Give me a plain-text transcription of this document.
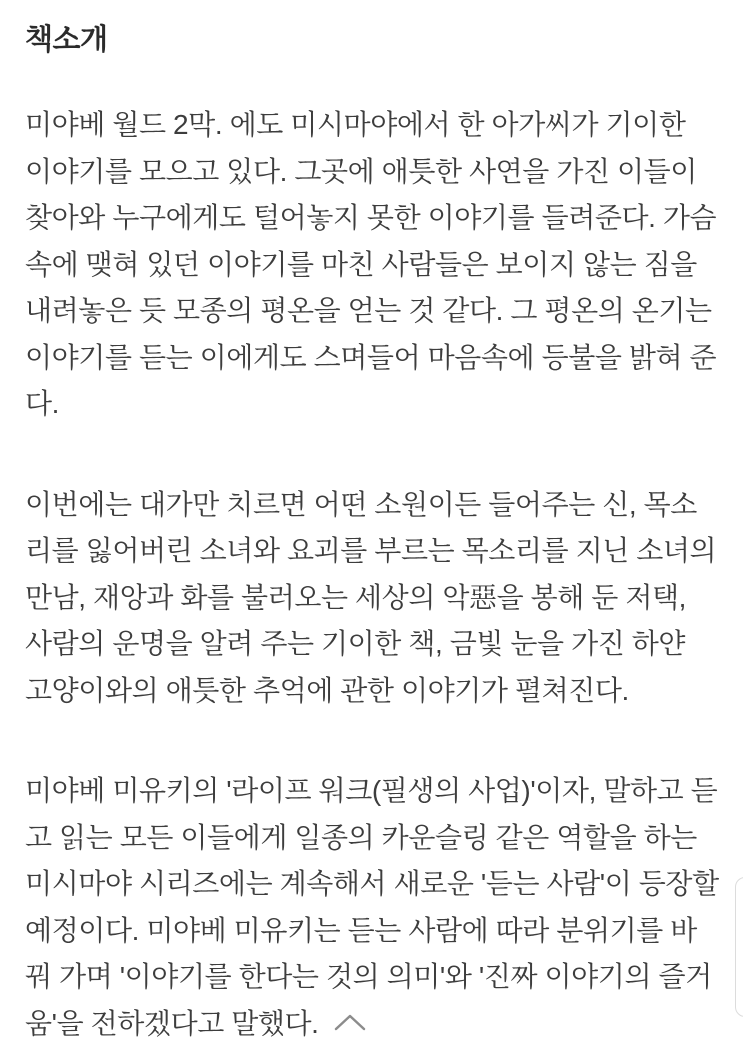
책소개

미야베 월드 2막. 에도 미시마야에서 한 아가씨가 기이한 이야기를 모으고 있다. 그곳에 애틋한 사연을 가진 이들이 찾아와 누구에게도 털어놓지 못한 이야기를 들려준다. 가슴속에 맺혀 있던 이야기를 마친 사람들은 보이지 않는 짐을 내려놓은 듯 모종의 평온을 얻는 것 같다. 그 평온의 온기는 이야기를 듣는 이에게도 스며들어 마음속에 등불을 밝혀 준다.

이번에는 대가만 치르면 어떤 소원이든 들어주는 신, 목소리를 잃어버린 소녀와 요괴를 부르는 목소리를 지닌 소녀의 만남, 재앙과 화를 불러오는 세상의 악惡을 봉해 둔 저택, 사람의 운명을 알려 주는 기이한 책, 금빛 눈을 가진 하얀 고양이와의 애틋한 추억에 관한 이야기가 펼쳐진다.

미야베 미유키의 '라이프 워크(필생의 사업)'이자, 말하고 듣고 읽는 모든 이들에게 일종의 카운슬링 같은 역할을 하는 미시마야 시리즈에는 계속해서 새로운 '듣는 사람'이 등장할 예정이다. 미야베 미유키는 듣는 사람에 따라 분위기를 바꿔 가며 '이야기를 한다는 것의 의미'와 '진짜 이야기의 즐거움'을 전하겠다고 말했다.
